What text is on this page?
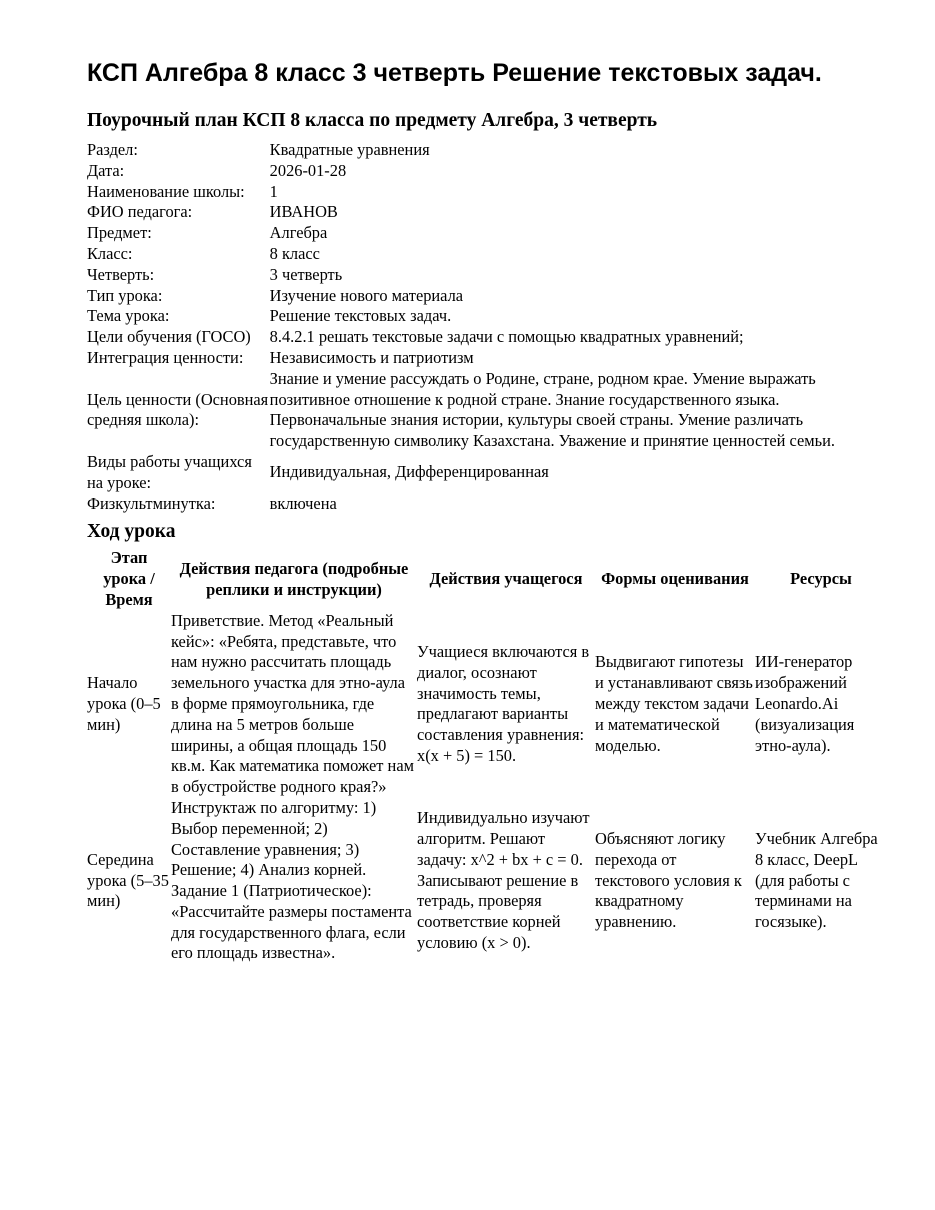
КСП Алгебра 8 класс 3 четверть Решение текстовых задач.
Поурочный план КСП 8 класса по предмету Алгебра, 3 четверть
Раздел:	Квадратные уравнения
Дата:	2026-01-28
Наименование школы:	1
ФИО педагога:	ИВАНОВ
Предмет:	Алгебра
Класс:	8 класс
Четверть:	3 четверть
Тип урока:	Изучение нового материала
Тема урока:	Решение текстовых задач.
Цели обучения (ГОСО)	8.4.2.1 решать текстовые задачи с помощью квадратных уравнений;
Интеграция ценности:	Независимость и патриотизм
Цель ценности (Основная средняя школа):	Знание и умение рассуждать о Родине, стране, родном крае. Умение выражать позитивное отношение к родной стране. Знание государственного языка. Первоначальные знания истории, культуры своей страны. Умение различать государственную символику Казахстана. Уважение и принятие ценностей семьи.
Виды работы учащихся на уроке:	Индивидуальная, Дифференцированная
Физкультминутка:	включена
Ход урока
Этап урока / Время	Действия педагога (подробные реплики и инструкции)	Действия учащегося	Формы оценивания	Ресурсы
Начало урока (0–5 мин)	Приветствие. Метод «Реальный кейс»: «Ребята, представьте, что нам нужно рассчитать площадь земельного участка для этно-аула в форме прямоугольника, где длина на 5 метров больше ширины, а общая площадь 150 кв.м. Как математика поможет нам в обустройстве родного края?»	Учащиеся включаются в диалог, осознают значимость темы, предлагают варианты составления уравнения: x(x + 5) = 150.	Выдвигают гипотезы и устанавливают связь между текстом задачи и математической моделью.	ИИ-генератор изображений Leonardo.Ai (визуализация этно-аула).
Середина урока (5–35 мин)	Инструктаж по алгоритму: 1) Выбор переменной; 2) Составление уравнения; 3) Решение; 4) Анализ корней. Задание 1 (Патриотическое): «Рассчитайте размеры постамента для государственного флага, если его площадь известна».	Индивидуально изучают алгоритм. Решают задачу: x^2 + bx + c = 0. Записывают решение в тетрадь, проверяя соответствие корней условию (x > 0).	Объясняют логику перехода от текстового условия к квадратному уравнению.	Учебник Алгебра 8 класс, DeepL (для работы с терминами на госязыке).
